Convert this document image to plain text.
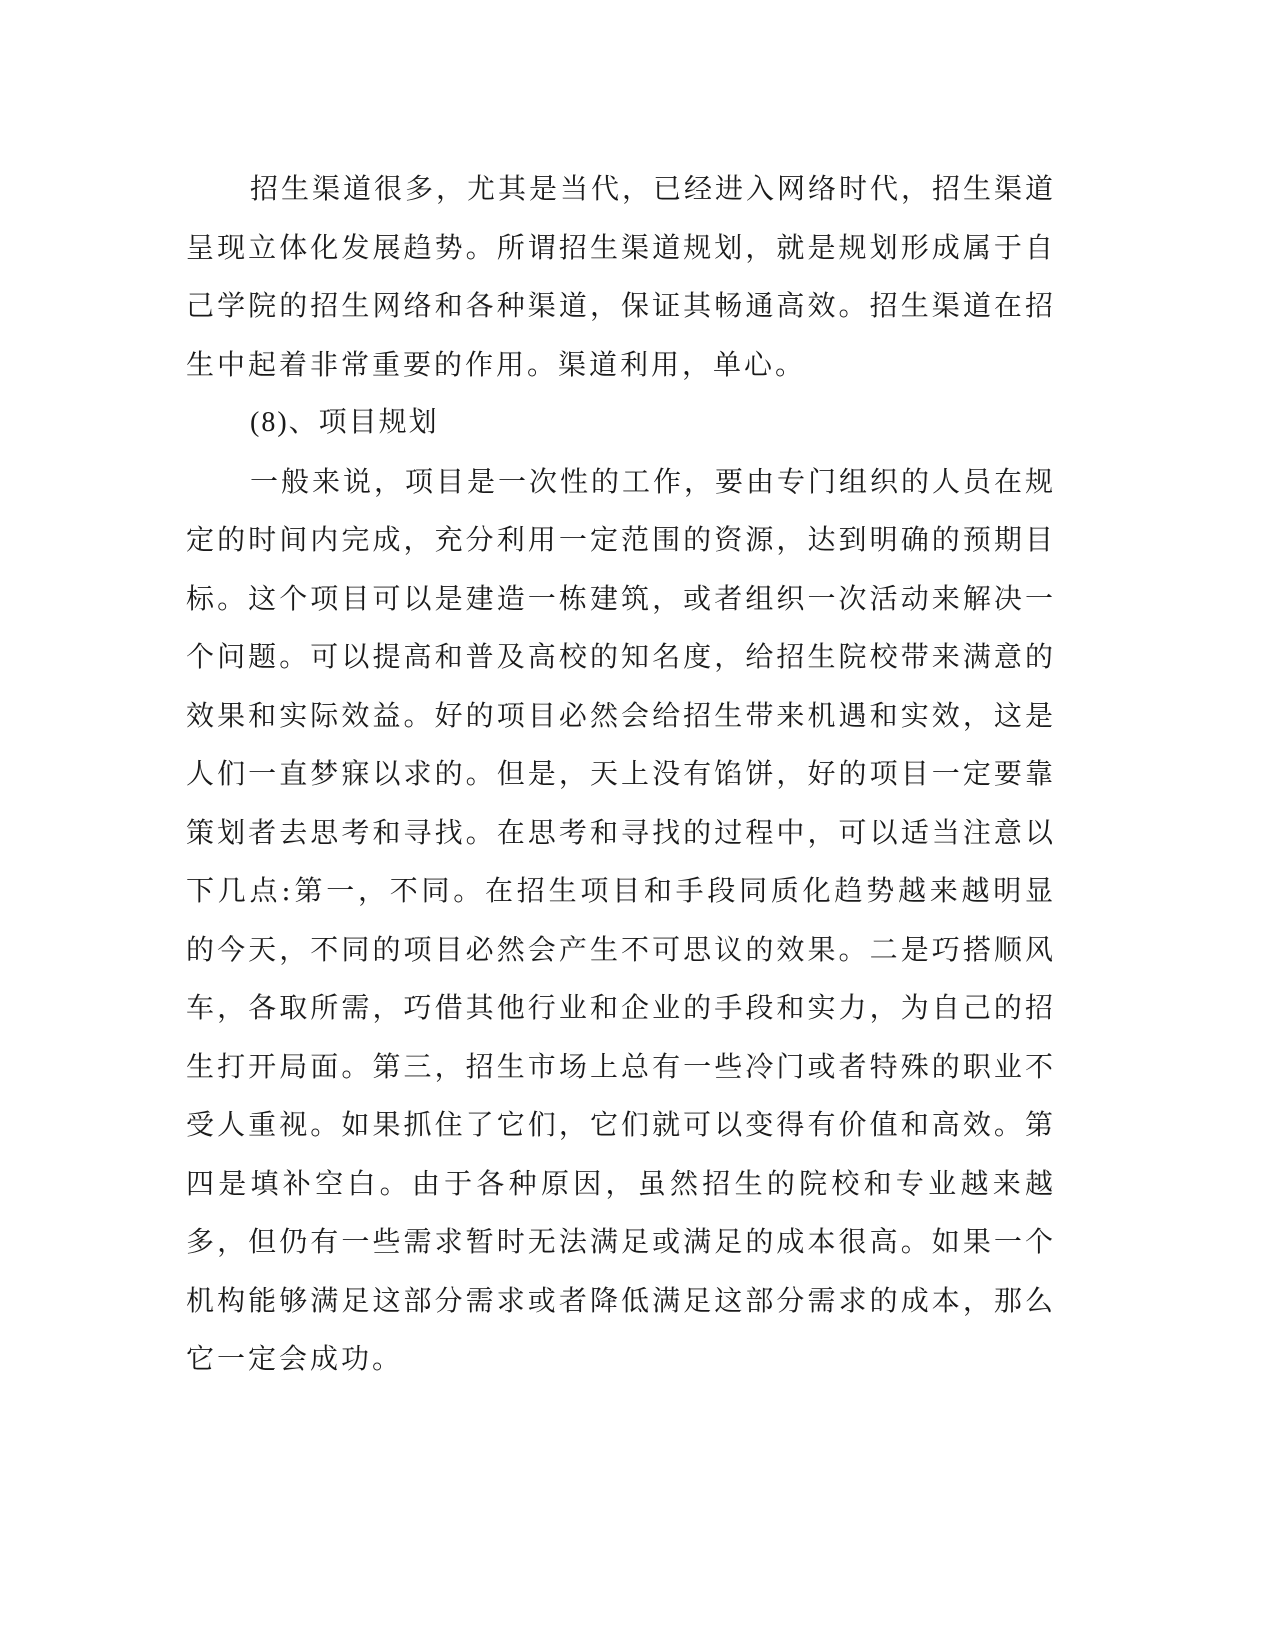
招生渠道很多，尤其是当代，已经进入网络时代，招生渠道呈现立体化发展趋势。所谓招生渠道规划，就是规划形成属于自己学院的招生网络和各种渠道，保证其畅通高效。招生渠道在招生中起着非常重要的作用。渠道利用，单心。

(8)、项目规划

一般来说，项目是一次性的工作，要由专门组织的人员在规定的时间内完成，充分利用一定范围的资源，达到明确的预期目标。这个项目可以是建造一栋建筑，或者组织一次活动来解决一个问题。可以提高和普及高校的知名度，给招生院校带来满意的效果和实际效益。好的项目必然会给招生带来机遇和实效，这是人们一直梦寐以求的。但是，天上没有馅饼，好的项目一定要靠策划者去思考和寻找。在思考和寻找的过程中，可以适当注意以下几点:第一，不同。在招生项目和手段同质化趋势越来越明显的今天，不同的项目必然会产生不可思议的效果。二是巧搭顺风车，各取所需，巧借其他行业和企业的手段和实力，为自己的招生打开局面。第三，招生市场上总有一些冷门或者特殊的职业不受人重视。如果抓住了它们，它们就可以变得有价值和高效。第四是填补空白。由于各种原因，虽然招生的院校和专业越来越多，但仍有一些需求暂时无法满足或满足的成本很高。如果一个机构能够满足这部分需求或者降低满足这部分需求的成本，那么它一定会成功。
